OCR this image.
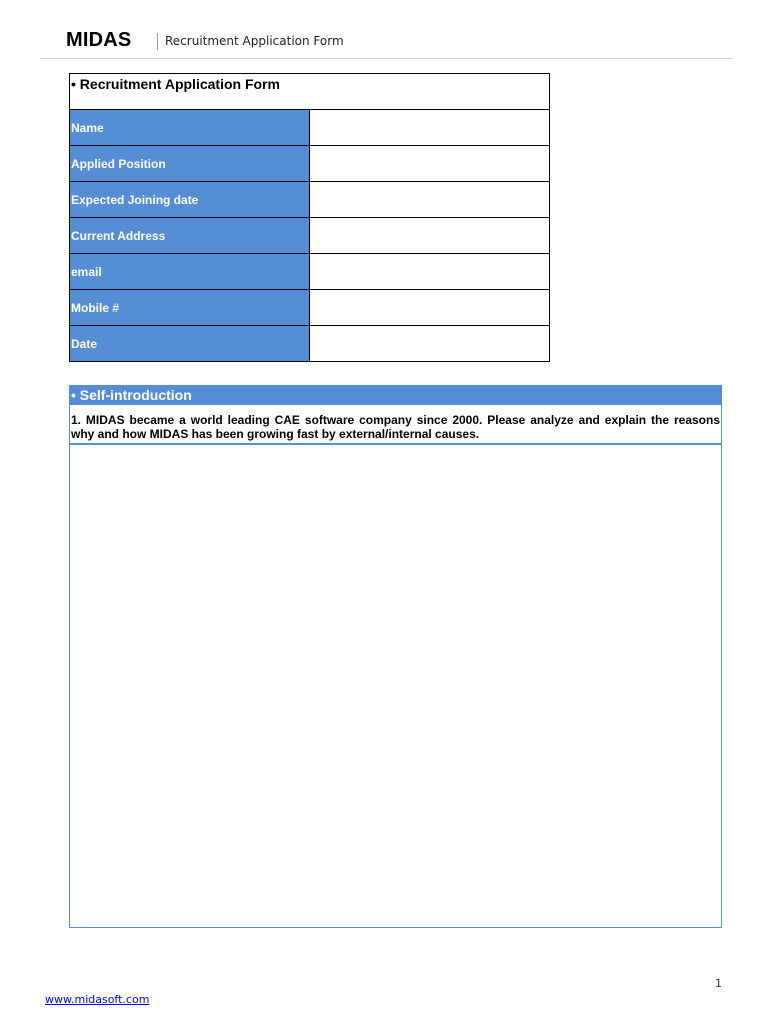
MIDAS	Recruitment Application Form
• Recruitment Application Form	
Name	
Applied Position	
Expected Joining date	
Current Address	
email	
Mobile #	
Date	
• Self-introduction
1. MIDAS became a world leading CAE software company since 2000. Please analyze and explain the reasons why and how MIDAS has been growing fast by external/internal causes.
1
www.midasoft.com
